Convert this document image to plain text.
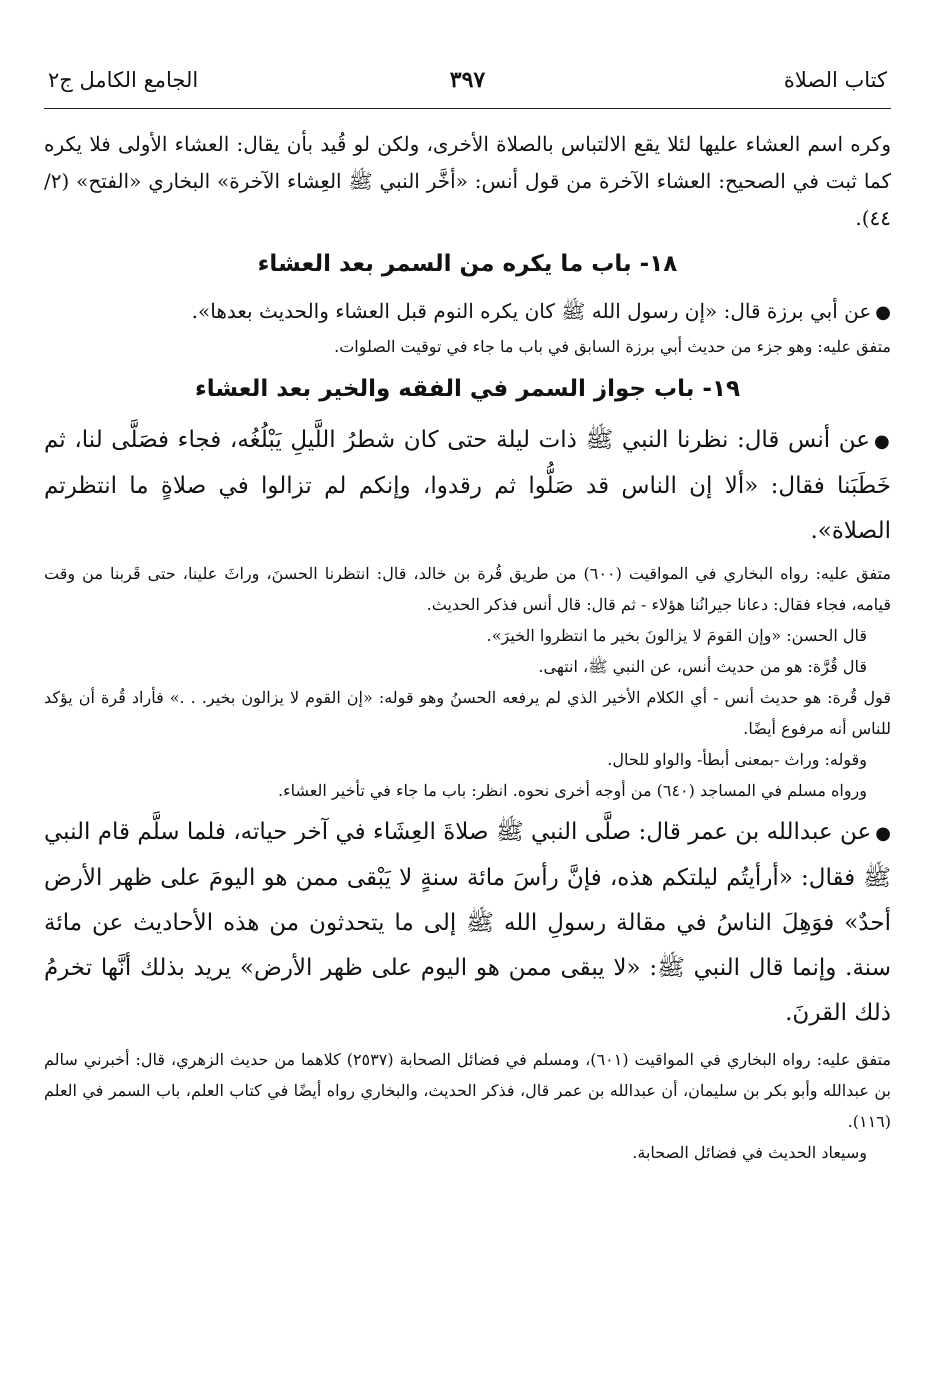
كتاب الصلاة
٣٩٧
الجامع الكامل ج٢

وكره اسم العشاء عليها لئلا يقع الالتباس بالصلاة الأخرى، ولكن لو قُيد بأن يقال: العشاء الأولى فلا يكره كما ثبت في الصحيح: العشاء الآخرة من قول أنس: «أخَّر النبي ﷺ العِشاء الآخرة» البخاري «الفتح» (٢/ ٤٤).

١٨- باب ما يكره من السمر بعد العشاء

●عن أبي برزة قال: «إن رسول الله ﷺ كان يكره النوم قبل العشاء والحديث بعدها».

متفق عليه: وهو جزء من حديث أبي برزة السابق في باب ما جاء في توقيت الصلوات.

١٩- باب جواز السمر في الفقه والخير بعد العشاء

●عن أنس قال: نظرنا النبي ﷺ ذات ليلة حتى كان شطرُ اللَّيلِ يَبْلُغُه، فجاء فصَلَّى لنا، ثم خَطَبَنا فقال: «ألا إن الناس قد صَلُّوا ثم رقدوا، وإنكم لم تزالوا في صلاةٍ ما انتظرتم الصلاة».

متفق عليه: رواه البخاري في المواقيت (٦٠٠) من طريق قُرة بن خالد، قال: انتظرنا الحسنَ، وراثَ علينا، حتى قَربنا من وقت قيامه، فجاء فقال: دعانا جيرانُنا هؤلاء - ثم قال: قال أنس فذكر الحديث.

قال الحسن: «وإن القومَ لا يزالونَ بخير ما انتظروا الخيرَ».

قال قُرَّة: هو من حديث أنس، عن النبي ﷺ، انتهى.

قول قُرة: هو حديث أنس - أي الكلام الأخير الذي لم يرفعه الحسنُ وهو قوله: «إن القوم لا يزالون بخير. . .» فأراد قُرة أن يؤكد للناس أنه مرفوع أيضًا.

وقوله: وراث -بمعنى أبطأ- والواو للحال.

ورواه مسلم في المساجد (٦٤٠) من أوجه أخرى نحوه. انظر: باب ما جاء في تأخير العشاء.

●عن عبدالله بن عمر قال: صلَّى النبي ﷺ صلاةَ العِشَاء في آخر حياته، فلما سلَّم قام النبي ﷺ فقال: «أرأيتُم ليلتكم هذه، فإنَّ رأسَ مائة سنةٍ لا يَبْقى ممن هو اليومَ على ظهر الأرض أحدٌ» فوَهِلَ الناسُ في مقالة رسولِ الله ﷺ إلى ما يتحدثون من هذه الأحاديث عن مائة سنة. وإنما قال النبي ﷺ: «لا يبقى ممن هو اليوم على ظهر الأرض» يريد بذلك أنَّها تخرمُ ذلك القرنَ.

متفق عليه: رواه البخاري في المواقيت (٦٠١)، ومسلم في فضائل الصحابة (٢٥٣٧) كلاهما من حديث الزهري، قال: أخبرني سالم بن عبدالله وأبو بكر بن سليمان، أن عبدالله بن عمر قال، فذكر الحديث، والبخاري رواه أيضًا في كتاب العلم، باب السمر في العلم (١١٦).

وسيعاد الحديث في فضائل الصحابة.
